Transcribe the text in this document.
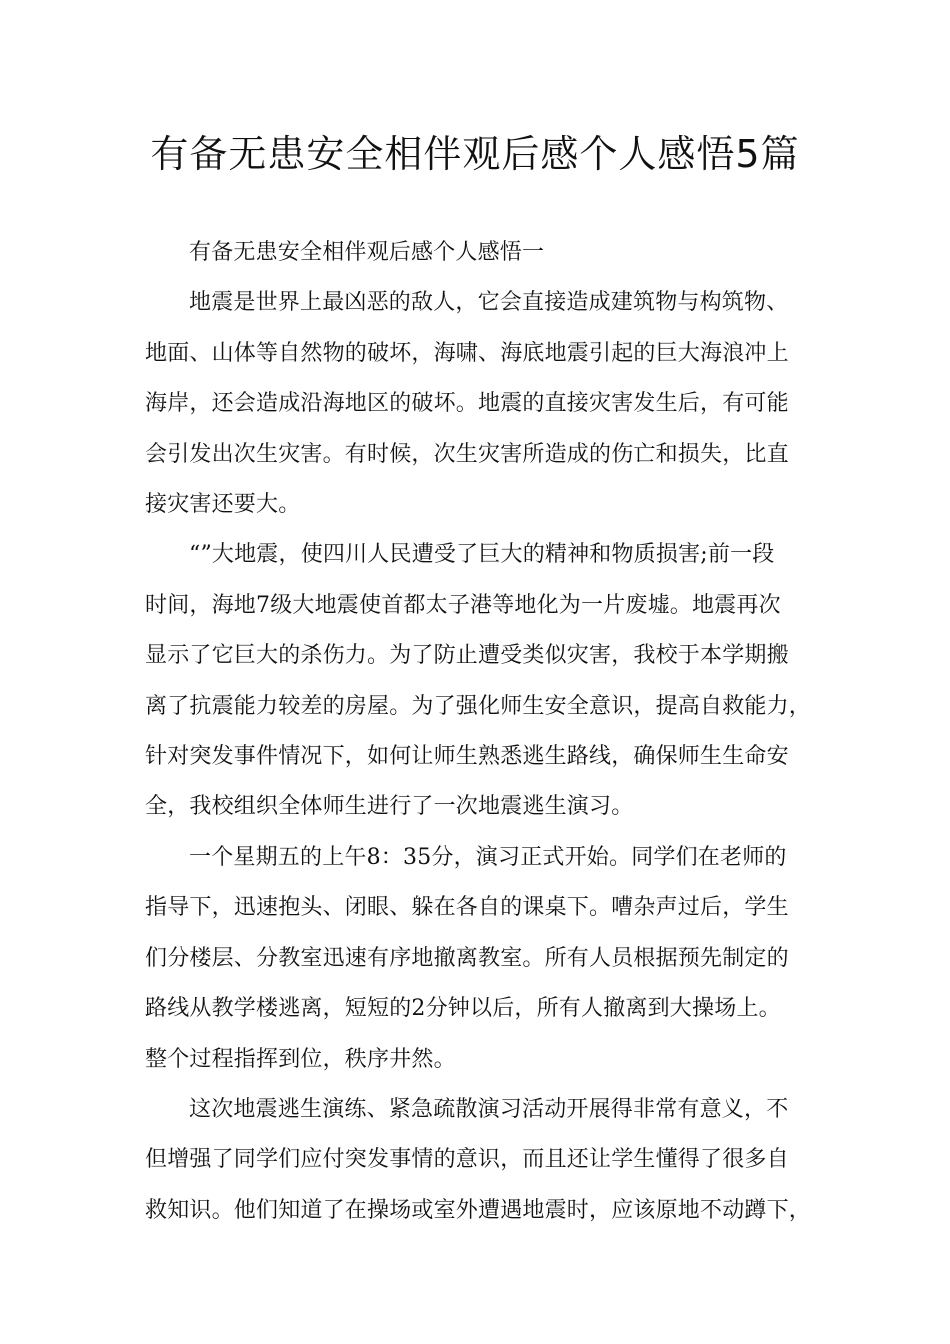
有备无患安全相伴观后感个人感悟5篇

有备无患安全相伴观后感个人感悟一

地震是世界上最凶恶的敌人，它会直接造成建筑物与构筑物、
地面、山体等自然物的破坏，海啸、海底地震引起的巨大海浪冲上
海岸，还会造成沿海地区的破坏。地震的直接灾害发生后，有可能
会引发出次生灾害。有时候，次生灾害所造成的伤亡和损失，比直
接灾害还要大。

“”大地震，使四川人民遭受了巨大的精神和物质损害;前一段
时间，海地7级大地震使首都太子港等地化为一片废墟。地震再次
显示了它巨大的杀伤力。为了防止遭受类似灾害，我校于本学期搬
离了抗震能力较差的房屋。为了强化师生安全意识，提高自救能力，
针对突发事件情况下，如何让师生熟悉逃生路线，确保师生生命安
全，我校组织全体师生进行了一次地震逃生演习。

一个星期五的上午8：35分，演习正式开始。同学们在老师的
指导下，迅速抱头、闭眼、躲在各自的课桌下。嘈杂声过后，学生
们分楼层、分教室迅速有序地撤离教室。所有人员根据预先制定的
路线从教学楼逃离，短短的2分钟以后，所有人撤离到大操场上。
整个过程指挥到位，秩序井然。

这次地震逃生演练、紧急疏散演习活动开展得非常有意义，不
但增强了同学们应付突发事情的意识，而且还让学生懂得了很多自
救知识。他们知道了在操场或室外遭遇地震时，应该原地不动蹲下，
